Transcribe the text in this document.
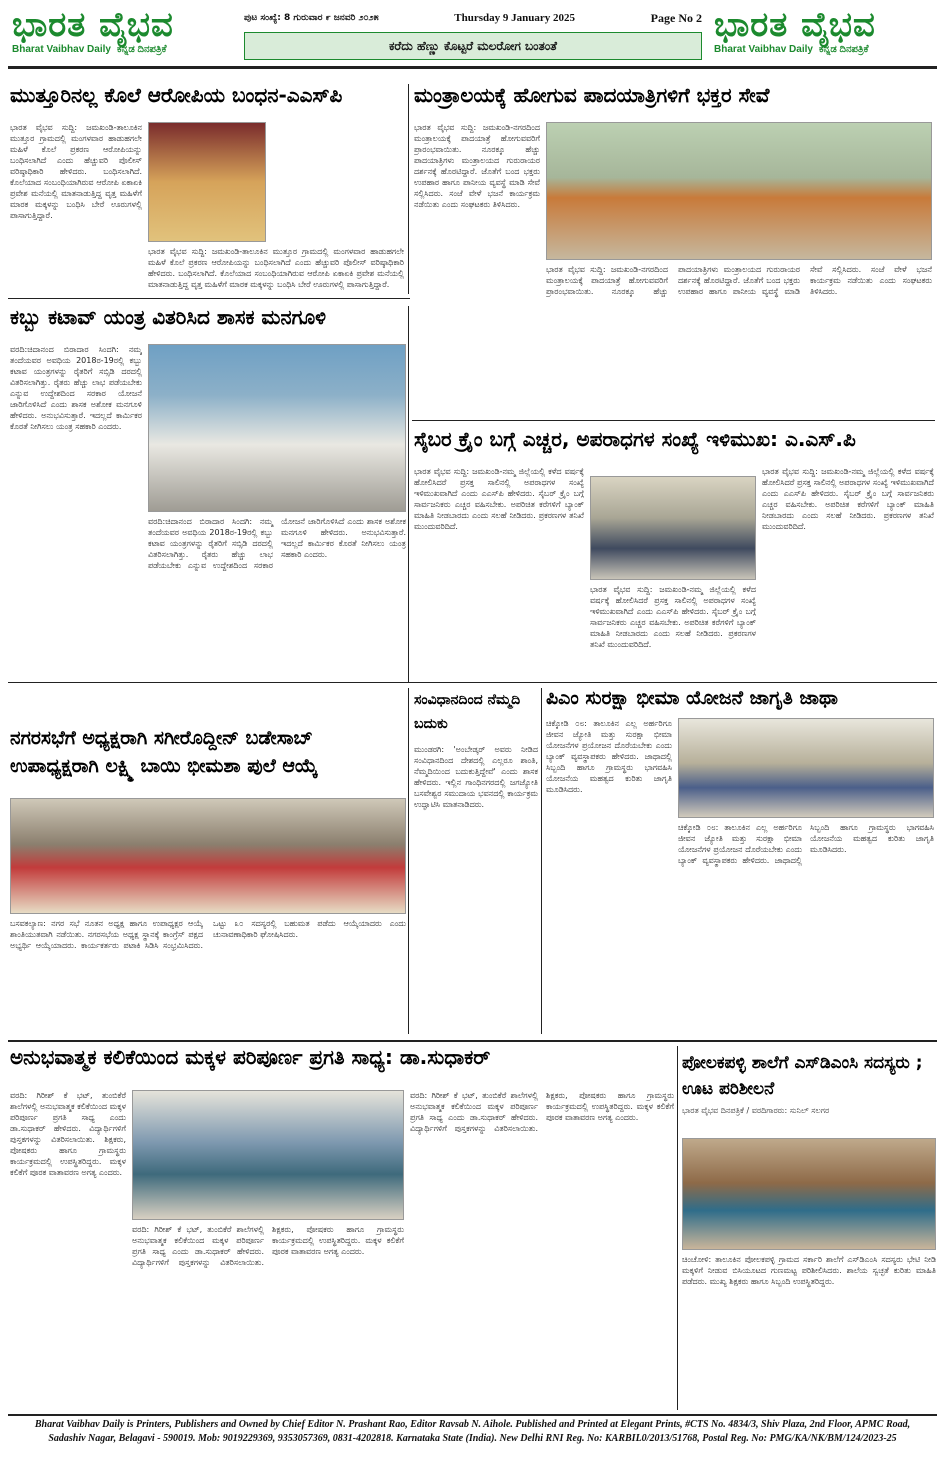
ಭಾರತ ವೈಭವ
Bharat Vaibhav Daily ಕನ್ನಡ ದಿನಪತ್ರಿಕೆ
ಭಾರತ ವೈಭವ
Bharat Vaibhav Daily ಕನ್ನಡ ದಿನಪತ್ರಿಕೆ
ಪುಟ ಸಂಖ್ಯೆ: 8 ಗುರುವಾರ ೯ ಜನವರಿ ೨೦೨೫	Thursday 9 January 2025	Page No 2
ಕರೆದು ಹೆಣ್ಣು ಕೊಟ್ಟರೆ ಮಲರೋಗ ಬಂತಂತೆ
ಮುತ್ತೂರಿನಲ್ಲ ಕೊಲೆ ಆರೋಪಿಯ ಬಂಧನ-ಎಎಸ್‌ಪಿ
ಭಾರತ ವೈಭವ ಸುದ್ದಿ: ಜಮಖಂಡಿ-ತಾಲೂಕಿನ ಮುತ್ತೂರ ಗ್ರಾಮದಲ್ಲಿ ಮಂಗಳವಾರ ಹಾಡುಹಗಲೇ ಮಹಿಳೆ ಕೊಲೆ ಪ್ರಕರಣ ಆರೋಪಿಯನ್ನು ಬಂಧಿಸಲಾಗಿದೆ ಎಂದು ಹೆಚ್ಚುವರಿ ಪೊಲೀಸ್ ವರಿಷ್ಠಾಧಿಕಾರಿ ಹೇಳಿದರು. ಬಂಧಿಸಲಾಗಿದೆ. ಕೊಲೆಯಾದ ಸಂಬಂಧಿಯಾಗಿರುವ ಆರೋಪಿ ಏಕಾಏಕಿ ಪ್ರವೇಶ ಮನೆಯಲ್ಲಿ ಮಾತನಾಡುತ್ತಿದ್ದ ವೃತ್ತ ಮಹಿಳೆಗೆ ಮಾರಕ ಮಕ್ಕಳನ್ನು ಬಂಧಿಸಿ ಬೇರೆ ಊರುಗಳಲ್ಲಿ ಪಾಸಾಗುತ್ತಿದ್ದಾರೆ.
ಭಾರತ ವೈಭವ ಸುದ್ದಿ: ಜಮಖಂಡಿ-ತಾಲೂಕಿನ ಮುತ್ತೂರ ಗ್ರಾಮದಲ್ಲಿ ಮಂಗಳವಾರ ಹಾಡುಹಗಲೇ ಮಹಿಳೆ ಕೊಲೆ ಪ್ರಕರಣ ಆರೋಪಿಯನ್ನು ಬಂಧಿಸಲಾಗಿದೆ ಎಂದು ಹೆಚ್ಚುವರಿ ಪೊಲೀಸ್ ವರಿಷ್ಠಾಧಿಕಾರಿ ಹೇಳಿದರು. ಬಂಧಿಸಲಾಗಿದೆ. ಕೊಲೆಯಾದ ಸಂಬಂಧಿಯಾಗಿರುವ ಆರೋಪಿ ಏಕಾಏಕಿ ಪ್ರವೇಶ ಮನೆಯಲ್ಲಿ ಮಾತನಾಡುತ್ತಿದ್ದ ವೃತ್ತ ಮಹಿಳೆಗೆ ಮಾರಕ ಮಕ್ಕಳನ್ನು ಬಂಧಿಸಿ ಬೇರೆ ಊರುಗಳಲ್ಲಿ ಪಾಸಾಗುತ್ತಿದ್ದಾರೆ.
ಮಂತ್ರಾಲಯಕ್ಕೆ ಹೋಗುವ ಪಾದಯಾತ್ರಿಗಳಿಗೆ ಭಕ್ತರ ಸೇವೆ
ಭಾರತ ವೈಭವ ಸುದ್ದಿ: ಜಮಖಂಡಿ-ನಗರದಿಂದ ಮಂತ್ರಾಲಯಕ್ಕೆ ಪಾದಯಾತ್ರೆ ಹೋಗುವವರಿಗೆ ಪ್ರಾರಂಭವಾಯಿತು. ನೂರಕ್ಕೂ ಹೆಚ್ಚು ಪಾದಯಾತ್ರಿಗಳು ಮಂತ್ರಾಲಯದ ಗುರುರಾಯರ ದರ್ಶನಕ್ಕೆ ಹೊರಟಿದ್ದಾರೆ. ಜೊತೆಗೆ ಬಂದ ಭಕ್ತರು ಉಪಹಾರ ಹಾಗೂ ಪಾನೀಯ ವ್ಯವಸ್ಥೆ ಮಾಡಿ ಸೇವೆ ಸಲ್ಲಿಸಿದರು. ಸಂಜೆ ವೇಳೆ ಭಜನೆ ಕಾರ್ಯಕ್ರಮ ನಡೆಯಿತು ಎಂದು ಸಂಘಟಕರು ತಿಳಿಸಿದರು.
ಭಾರತ ವೈಭವ ಸುದ್ದಿ: ಜಮಖಂಡಿ-ನಗರದಿಂದ ಮಂತ್ರಾಲಯಕ್ಕೆ ಪಾದಯಾತ್ರೆ ಹೋಗುವವರಿಗೆ ಪ್ರಾರಂಭವಾಯಿತು. ನೂರಕ್ಕೂ ಹೆಚ್ಚು ಪಾದಯಾತ್ರಿಗಳು ಮಂತ್ರಾಲಯದ ಗುರುರಾಯರ ದರ್ಶನಕ್ಕೆ ಹೊರಟಿದ್ದಾರೆ. ಜೊತೆಗೆ ಬಂದ ಭಕ್ತರು ಉಪಹಾರ ಹಾಗೂ ಪಾನೀಯ ವ್ಯವಸ್ಥೆ ಮಾಡಿ ಸೇವೆ ಸಲ್ಲಿಸಿದರು. ಸಂಜೆ ವೇಳೆ ಭಜನೆ ಕಾರ್ಯಕ್ರಮ ನಡೆಯಿತು ಎಂದು ಸಂಘಟಕರು ತಿಳಿಸಿದರು.
ಕಬ್ಬು ಕಟಾವ್ ಯಂತ್ರ ವಿತರಿಸಿದ ಶಾಸಕ ಮನಗೂಳಿ
ವರದಿ:ಚಿದಾನಂದ ಬಿರಾದಾರ ಸಿಂದಗಿ: ನಮ್ಮ ತಂದೆಯವರ ಅವಧಿಯ 2018ರ-19ರಲ್ಲಿ ಕಬ್ಬು ಕಟಾವ ಯಂತ್ರಗಳನ್ನು ರೈತರಿಗೆ ಸಬ್ಸಿಡಿ ದರದಲ್ಲಿ ವಿತರಿಸಲಾಗಿತ್ತು. ರೈತರು ಹೆಚ್ಚು ಲಾಭ ಪಡೆಯಬೇಕು ಎನ್ನುವ ಉದ್ದೇಶದಿಂದ ಸರಕಾರ ಯೋಜನೆ ಜಾರಿಗೊಳಿಸಿದೆ ಎಂದು ಶಾಸಕ ಅಶೋಕ ಮನಗೂಳಿ ಹೇಳಿದರು. ಅನುಭವಿಸುತ್ತಾರೆ. ಇದಲ್ಲದೆ ಕಾರ್ಮಿಕರ ಕೊರತೆ ನೀಗಿಸಲು ಯಂತ್ರ ಸಹಕಾರಿ ಎಂದರು.
ವರದಿ:ಚಿದಾನಂದ ಬಿರಾದಾರ ಸಿಂದಗಿ: ನಮ್ಮ ತಂದೆಯವರ ಅವಧಿಯ 2018ರ-19ರಲ್ಲಿ ಕಬ್ಬು ಕಟಾವ ಯಂತ್ರಗಳನ್ನು ರೈತರಿಗೆ ಸಬ್ಸಿಡಿ ದರದಲ್ಲಿ ವಿತರಿಸಲಾಗಿತ್ತು. ರೈತರು ಹೆಚ್ಚು ಲಾಭ ಪಡೆಯಬೇಕು ಎನ್ನುವ ಉದ್ದೇಶದಿಂದ ಸರಕಾರ ಯೋಜನೆ ಜಾರಿಗೊಳಿಸಿದೆ ಎಂದು ಶಾಸಕ ಅಶೋಕ ಮನಗೂಳಿ ಹೇಳಿದರು. ಅನುಭವಿಸುತ್ತಾರೆ. ಇದಲ್ಲದೆ ಕಾರ್ಮಿಕರ ಕೊರತೆ ನೀಗಿಸಲು ಯಂತ್ರ ಸಹಕಾರಿ ಎಂದರು.
ಸೈಬರ ಕ್ರೈಂ ಬಗ್ಗೆ ಎಚ್ಚರ, ಅಪರಾಧಗಳ ಸಂಖ್ಯೆ ಇಳಿಮುಖ: ಎ.ಎಸ್.ಪಿ
ಭಾರತ ವೈಭವ ಸುದ್ದಿ: ಜಮಖಂಡಿ-ನಮ್ಮ ಜಿಲ್ಲೆಯಲ್ಲಿ ಕಳೆದ ವರ್ಷಕ್ಕೆ ಹೋಲಿಸಿದರೆ ಪ್ರಸಕ್ತ ಸಾಲಿನಲ್ಲಿ ಅಪರಾಧಗಳ ಸಂಖ್ಯೆ ಇಳಿಮುಖವಾಗಿದೆ ಎಂದು ಎಎಸ್‌ಪಿ ಹೇಳಿದರು. ಸೈಬರ್ ಕ್ರೈಂ ಬಗ್ಗೆ ಸಾರ್ವಜನಿಕರು ಎಚ್ಚರ ವಹಿಸಬೇಕು. ಅಪರಿಚಿತ ಕರೆಗಳಿಗೆ ಬ್ಯಾಂಕ್ ಮಾಹಿತಿ ನೀಡಬಾರದು ಎಂದು ಸಲಹೆ ನೀಡಿದರು. ಪ್ರಕರಣಗಳ ತನಿಖೆ ಮುಂದುವರಿದಿದೆ.
ಭಾರತ ವೈಭವ ಸುದ್ದಿ: ಜಮಖಂಡಿ-ನಮ್ಮ ಜಿಲ್ಲೆಯಲ್ಲಿ ಕಳೆದ ವರ್ಷಕ್ಕೆ ಹೋಲಿಸಿದರೆ ಪ್ರಸಕ್ತ ಸಾಲಿನಲ್ಲಿ ಅಪರಾಧಗಳ ಸಂಖ್ಯೆ ಇಳಿಮುಖವಾಗಿದೆ ಎಂದು ಎಎಸ್‌ಪಿ ಹೇಳಿದರು. ಸೈಬರ್ ಕ್ರೈಂ ಬಗ್ಗೆ ಸಾರ್ವಜನಿಕರು ಎಚ್ಚರ ವಹಿಸಬೇಕು. ಅಪರಿಚಿತ ಕರೆಗಳಿಗೆ ಬ್ಯಾಂಕ್ ಮಾಹಿತಿ ನೀಡಬಾರದು ಎಂದು ಸಲಹೆ ನೀಡಿದರು. ಪ್ರಕರಣಗಳ ತನಿಖೆ ಮುಂದುವರಿದಿದೆ.
ಭಾರತ ವೈಭವ ಸುದ್ದಿ: ಜಮಖಂಡಿ-ನಮ್ಮ ಜಿಲ್ಲೆಯಲ್ಲಿ ಕಳೆದ ವರ್ಷಕ್ಕೆ ಹೋಲಿಸಿದರೆ ಪ್ರಸಕ್ತ ಸಾಲಿನಲ್ಲಿ ಅಪರಾಧಗಳ ಸಂಖ್ಯೆ ಇಳಿಮುಖವಾಗಿದೆ ಎಂದು ಎಎಸ್‌ಪಿ ಹೇಳಿದರು. ಸೈಬರ್ ಕ್ರೈಂ ಬಗ್ಗೆ ಸಾರ್ವಜನಿಕರು ಎಚ್ಚರ ವಹಿಸಬೇಕು. ಅಪರಿಚಿತ ಕರೆಗಳಿಗೆ ಬ್ಯಾಂಕ್ ಮಾಹಿತಿ ನೀಡಬಾರದು ಎಂದು ಸಲಹೆ ನೀಡಿದರು. ಪ್ರಕರಣಗಳ ತನಿಖೆ ಮುಂದುವರಿದಿದೆ.
ಸಂವಿಧಾನದಿಂದ ನೆಮ್ಮದಿ ಬದುಕು
ಮುಂಡರಗಿ: 'ಅಂಬೇಡ್ಕರ್ ಅವರು ನೀಡಿದ ಸಂವಿಧಾನದಿಂದ ದೇಶದಲ್ಲಿ ಎಲ್ಲರೂ ಶಾಂತಿ, ನೆಮ್ಮದಿಯಿಂದ ಬದುಕುತ್ತಿದ್ದೇವೆ' ಎಂದು ಶಾಸಕ ಹೇಳಿದರು. ಇಲ್ಲಿನ ಗಾಂಧಿನಗರದಲ್ಲಿ ಜಗಜ್ಯೋತಿ ಬಸವೇಶ್ವರ ಸಮುದಾಯ ಭವನದಲ್ಲಿ ಕಾರ್ಯಕ್ರಮ ಉದ್ಘಾಟಿಸಿ ಮಾತನಾಡಿದರು.
ಪಿಎಂ ಸುರಕ್ಷಾ ಭೀಮಾ ಯೋಜನೆ ಜಾಗೃತಿ ಜಾಥಾ
ಚಿಕ್ಕೋಡಿ ೦೮: ತಾಲೂಕಿನ ಎಲ್ಲ ಅರ್ಹರಿಗೂ ಜೀವನ ಜ್ಯೋತಿ ಮತ್ತು ಸುರಕ್ಷಾ ಭೀಮಾ ಯೋಜನೆಗಳ ಪ್ರಯೋಜನ ದೊರೆಯಬೇಕು ಎಂದು ಬ್ಯಾಂಕ್ ವ್ಯವಸ್ಥಾಪಕರು ಹೇಳಿದರು. ಜಾಥಾದಲ್ಲಿ ಸಿಬ್ಬಂದಿ ಹಾಗೂ ಗ್ರಾಮಸ್ಥರು ಭಾಗವಹಿಸಿ ಯೋಜನೆಯ ಮಹತ್ವದ ಕುರಿತು ಜಾಗೃತಿ ಮೂಡಿಸಿದರು.
ಚಿಕ್ಕೋಡಿ ೦೮: ತಾಲೂಕಿನ ಎಲ್ಲ ಅರ್ಹರಿಗೂ ಜೀವನ ಜ್ಯೋತಿ ಮತ್ತು ಸುರಕ್ಷಾ ಭೀಮಾ ಯೋಜನೆಗಳ ಪ್ರಯೋಜನ ದೊರೆಯಬೇಕು ಎಂದು ಬ್ಯಾಂಕ್ ವ್ಯವಸ್ಥಾಪಕರು ಹೇಳಿದರು. ಜಾಥಾದಲ್ಲಿ ಸಿಬ್ಬಂದಿ ಹಾಗೂ ಗ್ರಾಮಸ್ಥರು ಭಾಗವಹಿಸಿ ಯೋಜನೆಯ ಮಹತ್ವದ ಕುರಿತು ಜಾಗೃತಿ ಮೂಡಿಸಿದರು.
ನಗರಸಭೆಗೆ ಅಧ್ಯಕ್ಷರಾಗಿ ಸಗೀರೊದ್ದೀನ್ ಬಡೇಸಾಬ್
ಉಪಾಧ್ಯಕ್ಷರಾಗಿ ಲಕ್ಷ್ಮಿ ಬಾಯಿ ಭೀಮಶಾ ಪುಲೆ ಆಯ್ಕೆ
ಬಸವಕಲ್ಯಾಣ: ನಗರ ಸಭೆ ನೂತನ ಅಧ್ಯಕ್ಷ ಹಾಗೂ ಉಪಾಧ್ಯಕ್ಷರ ಆಯ್ಕೆ ಶಾಂತಿಯುತವಾಗಿ ನಡೆಯಿತು. ನಗರಸಭೆಯ ಅಧ್ಯಕ್ಷ ಸ್ಥಾನಕ್ಕೆ ಕಾಂಗ್ರೆಸ್ ಪಕ್ಷದ ಅಭ್ಯರ್ಥಿ ಆಯ್ಕೆಯಾದರು. ಕಾರ್ಯಕರ್ತರು ಪಟಾಕಿ ಸಿಡಿಸಿ ಸಂಭ್ರಮಿಸಿದರು. ಒಟ್ಟು ೩೦ ಸದಸ್ಯರಲ್ಲಿ ಬಹುಮತ ಪಡೆದು ಆಯ್ಕೆಯಾದರು ಎಂದು ಚುನಾವಣಾಧಿಕಾರಿ ಘೋಷಿಸಿದರು.
ಅನುಭವಾತ್ಮಕ ಕಲಿಕೆಯಿಂದ ಮಕ್ಕಳ ಪರಿಪೂರ್ಣ ಪ್ರಗತಿ ಸಾಧ್ಯ: ಡಾ.ಸುಧಾಕರ್
ವರದಿ: ಗಿರೀಶ್ ಕೆ ಭಟ್, ತುಂಬಿಕೆರೆ ಶಾಲೆಗಳಲ್ಲಿ ಅನುಭವಾತ್ಮಕ ಕಲಿಕೆಯಿಂದ ಮಕ್ಕಳ ಪರಿಪೂರ್ಣ ಪ್ರಗತಿ ಸಾಧ್ಯ ಎಂದು ಡಾ.ಸುಧಾಕರ್ ಹೇಳಿದರು. ವಿದ್ಯಾರ್ಥಿಗಳಿಗೆ ಪುಸ್ತಕಗಳನ್ನು ವಿತರಿಸಲಾಯಿತು. ಶಿಕ್ಷಕರು, ಪೋಷಕರು ಹಾಗೂ ಗ್ರಾಮಸ್ಥರು ಕಾರ್ಯಕ್ರಮದಲ್ಲಿ ಉಪಸ್ಥಿತರಿದ್ದರು. ಮಕ್ಕಳ ಕಲಿಕೆಗೆ ಪೂರಕ ವಾತಾವರಣ ಅಗತ್ಯ ಎಂದರು.
ವರದಿ: ಗಿರೀಶ್ ಕೆ ಭಟ್, ತುಂಬಿಕೆರೆ ಶಾಲೆಗಳಲ್ಲಿ ಅನುಭವಾತ್ಮಕ ಕಲಿಕೆಯಿಂದ ಮಕ್ಕಳ ಪರಿಪೂರ್ಣ ಪ್ರಗತಿ ಸಾಧ್ಯ ಎಂದು ಡಾ.ಸುಧಾಕರ್ ಹೇಳಿದರು. ವಿದ್ಯಾರ್ಥಿಗಳಿಗೆ ಪುಸ್ತಕಗಳನ್ನು ವಿತರಿಸಲಾಯಿತು. ಶಿಕ್ಷಕರು, ಪೋಷಕರು ಹಾಗೂ ಗ್ರಾಮಸ್ಥರು ಕಾರ್ಯಕ್ರಮದಲ್ಲಿ ಉಪಸ್ಥಿತರಿದ್ದರು. ಮಕ್ಕಳ ಕಲಿಕೆಗೆ ಪೂರಕ ವಾತಾವರಣ ಅಗತ್ಯ ಎಂದರು.
ವರದಿ: ಗಿರೀಶ್ ಕೆ ಭಟ್, ತುಂಬಿಕೆರೆ ಶಾಲೆಗಳಲ್ಲಿ ಅನುಭವಾತ್ಮಕ ಕಲಿಕೆಯಿಂದ ಮಕ್ಕಳ ಪರಿಪೂರ್ಣ ಪ್ರಗತಿ ಸಾಧ್ಯ ಎಂದು ಡಾ.ಸುಧಾಕರ್ ಹೇಳಿದರು. ವಿದ್ಯಾರ್ಥಿಗಳಿಗೆ ಪುಸ್ತಕಗಳನ್ನು ವಿತರಿಸಲಾಯಿತು. ಶಿಕ್ಷಕರು, ಪೋಷಕರು ಹಾಗೂ ಗ್ರಾಮಸ್ಥರು ಕಾರ್ಯಕ್ರಮದಲ್ಲಿ ಉಪಸ್ಥಿತರಿದ್ದರು. ಮಕ್ಕಳ ಕಲಿಕೆಗೆ ಪೂರಕ ವಾತಾವರಣ ಅಗತ್ಯ ಎಂದರು.
ಪೋಲಕಪಳ್ಳಿ ಶಾಲೆಗೆ ಎಸ್‌ಡಿಎಂಸಿ ಸದಸ್ಯರು ; ಊಟ ಪರಿಶೀಲನೆ
ಭಾರತ ವೈಭವ ದಿನಪತ್ರಿಕೆ / ವರದಿಗಾರರು: ಸುನಿಲ್ ಸಲಗರ
ಚಿಂಚೋಳಿ: ತಾಲೂಕಿನ ಪೋಲಕಪಳ್ಳಿ ಗ್ರಾಮದ ಸರ್ಕಾರಿ ಶಾಲೆಗೆ ಎಸ್‌ಡಿಎಂಸಿ ಸದಸ್ಯರು ಭೇಟಿ ನೀಡಿ ಮಕ್ಕಳಿಗೆ ನೀಡುವ ಬಿಸಿಯೂಟದ ಗುಣಮಟ್ಟ ಪರಿಶೀಲಿಸಿದರು. ಶಾಲೆಯ ಸ್ವಚ್ಛತೆ ಕುರಿತು ಮಾಹಿತಿ ಪಡೆದರು. ಮುಖ್ಯ ಶಿಕ್ಷಕರು ಹಾಗೂ ಸಿಬ್ಬಂದಿ ಉಪಸ್ಥಿತರಿದ್ದರು.
Bharat Vaibhav Daily is Printers, Publishers and Owned by Chief Editor N. Prashant Rao, Editor Ravsab N. Aihole. Published and Printed at Elegant Prints, #CTS No. 4834/3, Shiv Plaza, 2nd Floor, APMC Road,
Sadashiv Nagar, Belagavi - 590019. Mob: 9019229369, 9353057369, 0831-4202818. Karnataka State (India). New Delhi RNI Reg. No: KARBIL0/2013/51768, Postal Reg. No: PMG/KA/NK/BM/124/2023-25
